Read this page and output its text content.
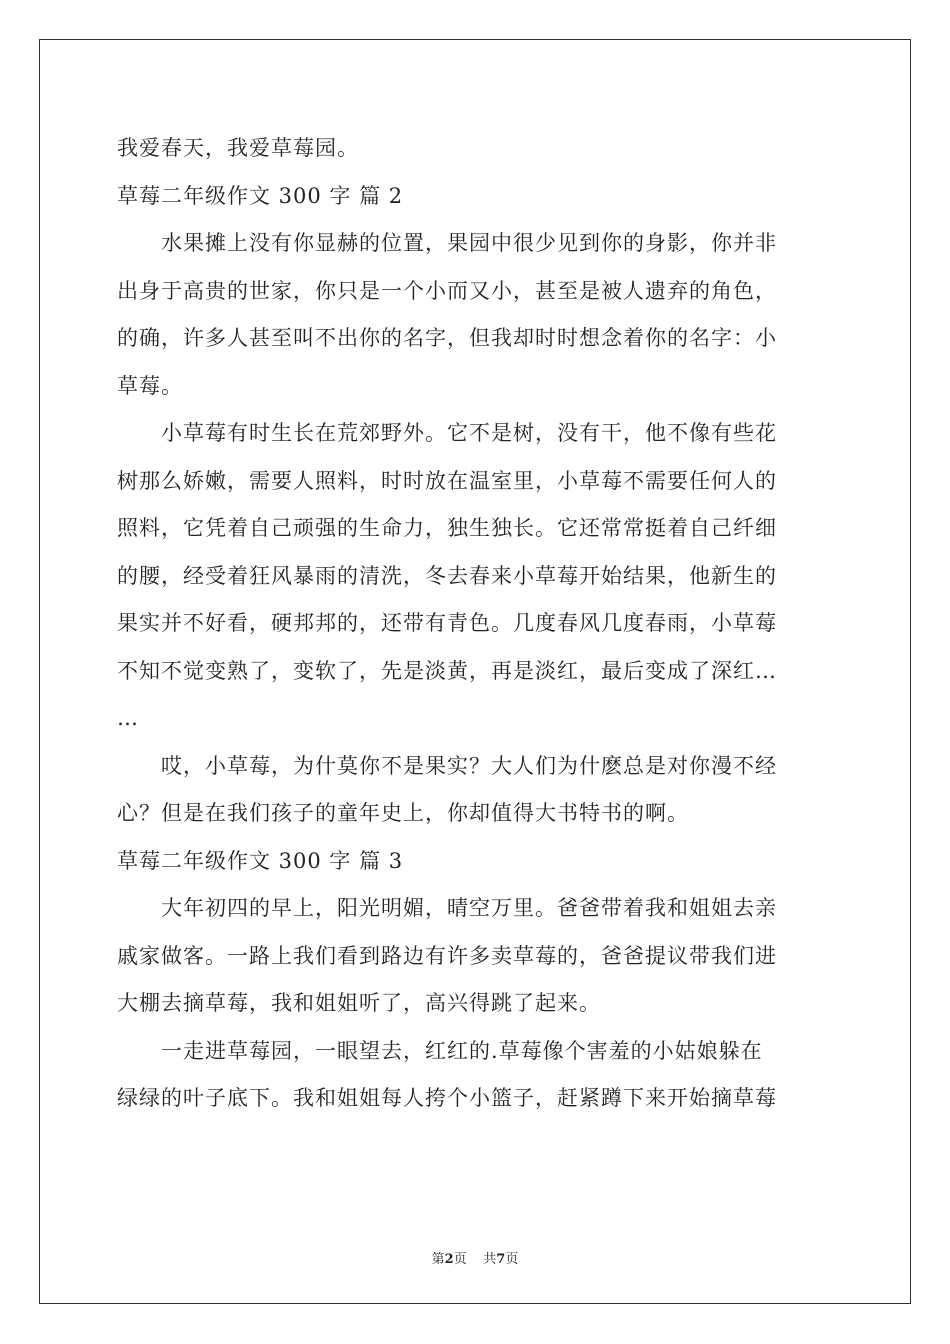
我爱春天，我爱草莓园。
草莓二年级作文 300 字 篇 2
　　水果摊上没有你显赫的位置，果园中很少见到你的身影，你并非
出身于高贵的世家，你只是一个小而又小，甚至是被人遗弃的角色，
的确，许多人甚至叫不出你的名字，但我却时时想念着你的名字：小
草莓。
　　小草莓有时生长在荒郊野外。它不是树，没有干，他不像有些花
树那么娇嫩，需要人照料，时时放在温室里，小草莓不需要任何人的
照料，它凭着自己顽强的生命力，独生独长。它还常常挺着自己纤细
的腰，经受着狂风暴雨的清洗，冬去春来小草莓开始结果，他新生的
果实并不好看，硬邦邦的，还带有青色。几度春风几度春雨，小草莓
不知不觉变熟了，变软了，先是淡黄，再是淡红，最后变成了深红…
…
　　哎，小草莓，为什莫你不是果实？大人们为什麽总是对你漫不经
心？但是在我们孩子的童年史上，你却值得大书特书的啊。
草莓二年级作文 300 字 篇 3
　　大年初四的早上，阳光明媚，晴空万里。爸爸带着我和姐姐去亲
戚家做客。一路上我们看到路边有许多卖草莓的，爸爸提议带我们进
大棚去摘草莓，我和姐姐听了，高兴得跳了起来。
　　一走进草莓园，一眼望去，红红的.草莓像个害羞的小姑娘躲在
绿绿的叶子底下。我和姐姐每人挎个小篮子，赶紧蹲下来开始摘草莓
第2页 共7页
